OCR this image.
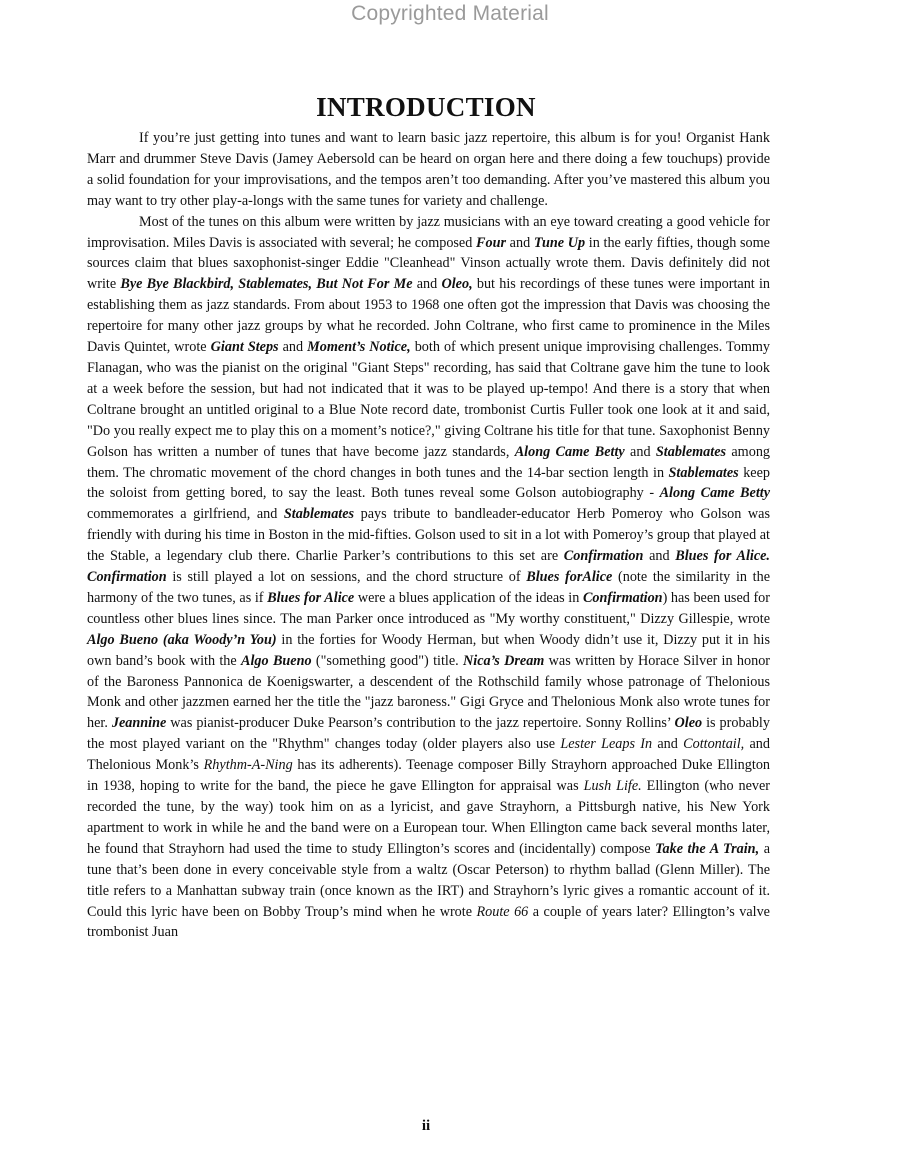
Copyrighted Material
INTRODUCTION

If you’re just getting into tunes and want to learn basic jazz repertoire, this album is for you! Organist Hank Marr and drummer Steve Davis (Jamey Aebersold can be heard on organ here and there doing a few touchups) provide a solid foundation for your improvisations, and the tempos aren’t too demanding. After you’ve mastered this album you may want to try other play-a-longs with the same tunes for variety and challenge.

Most of the tunes on this album were written by jazz musicians with an eye toward creating a good vehicle for improvisation. Miles Davis is associated with several; he composed Four and Tune Up in the early fifties, though some sources claim that blues saxophonist-singer Eddie "Cleanhead" Vinson actually wrote them. Davis definitely did not write Bye Bye Blackbird, Stablemates, But Not For Me and Oleo, but his recordings of these tunes were important in establishing them as jazz standards. From about 1953 to 1968 one often got the impression that Davis was choosing the repertoire for many other jazz groups by what he recorded. John Coltrane, who first came to prominence in the Miles Davis Quintet, wrote Giant Steps and Moment’s Notice, both of which present unique improvising challenges. Tommy Flanagan, who was the pianist on the original "Giant Steps" recording, has said that Coltrane gave him the tune to look at a week before the session, but had not indicated that it was to be played up-tempo! And there is a story that when Coltrane brought an untitled original to a Blue Note record date, trombonist Curtis Fuller took one look at it and said, "Do you really expect me to play this on a moment’s notice?," giving Coltrane his title for that tune. Saxophonist Benny Golson has written a number of tunes that have become jazz standards, Along Came Betty and Stablemates among them. The chromatic movement of the chord changes in both tunes and the 14-bar section length in Stablemates keep the soloist from getting bored, to say the least. Both tunes reveal some Golson autobiography - Along Came Betty commemorates a girlfriend, and Stablemates pays tribute to bandleader-educator Herb Pomeroy who Golson was friendly with during his time in Boston in the mid-fifties. Golson used to sit in a lot with Pomeroy’s group that played at the Stable, a legendary club there. Charlie Parker’s contributions to this set are Confirmation and Blues for Alice. Confirmation is still played a lot on sessions, and the chord structure of Blues forAlice (note the similarity in the harmony of the two tunes, as if Blues for Alice were a blues application of the ideas in Confirmation) has been used for countless other blues lines since. The man Parker once introduced as "My worthy constituent," Dizzy Gillespie, wrote Algo Bueno (aka Woody’n You) in the forties for Woody Herman, but when Woody didn’t use it, Dizzy put it in his own band’s book with the Algo Bueno ("something good") title. Nica’s Dream was written by Horace Silver in honor of the Baroness Pannonica de Koenigswarter, a descendent of the Rothschild family whose patronage of Thelonious Monk and other jazzmen earned her the title the "jazz baroness." Gigi Gryce and Thelonious Monk also wrote tunes for her. Jeannine was pianist-producer Duke Pearson’s contribution to the jazz repertoire. Sonny Rollins’ Oleo is probably the most played variant on the "Rhythm" changes today (older players also use Lester Leaps In and Cottontail, and Thelonious Monk’s Rhythm-A-Ning has its adherents). Teenage composer Billy Strayhorn approached Duke Ellington in 1938, hoping to write for the band, the piece he gave Ellington for appraisal was Lush Life. Ellington (who never recorded the tune, by the way) took him on as a lyricist, and gave Strayhorn, a Pittsburgh native, his New York apartment to work in while he and the band were on a European tour. When Ellington came back several months later, he found that Strayhorn had used the time to study Ellington’s scores and (incidentally) compose Take the A Train, a tune that’s been done in every conceivable style from a waltz (Oscar Peterson) to rhythm ballad (Glenn Miller). The title refers to a Manhattan subway train (once known as the IRT) and Strayhorn’s lyric gives a romantic account of it. Could this lyric have been on Bobby Troup’s mind when he wrote Route 66 a couple of years later? Ellington’s valve trombonist Juan

ii
